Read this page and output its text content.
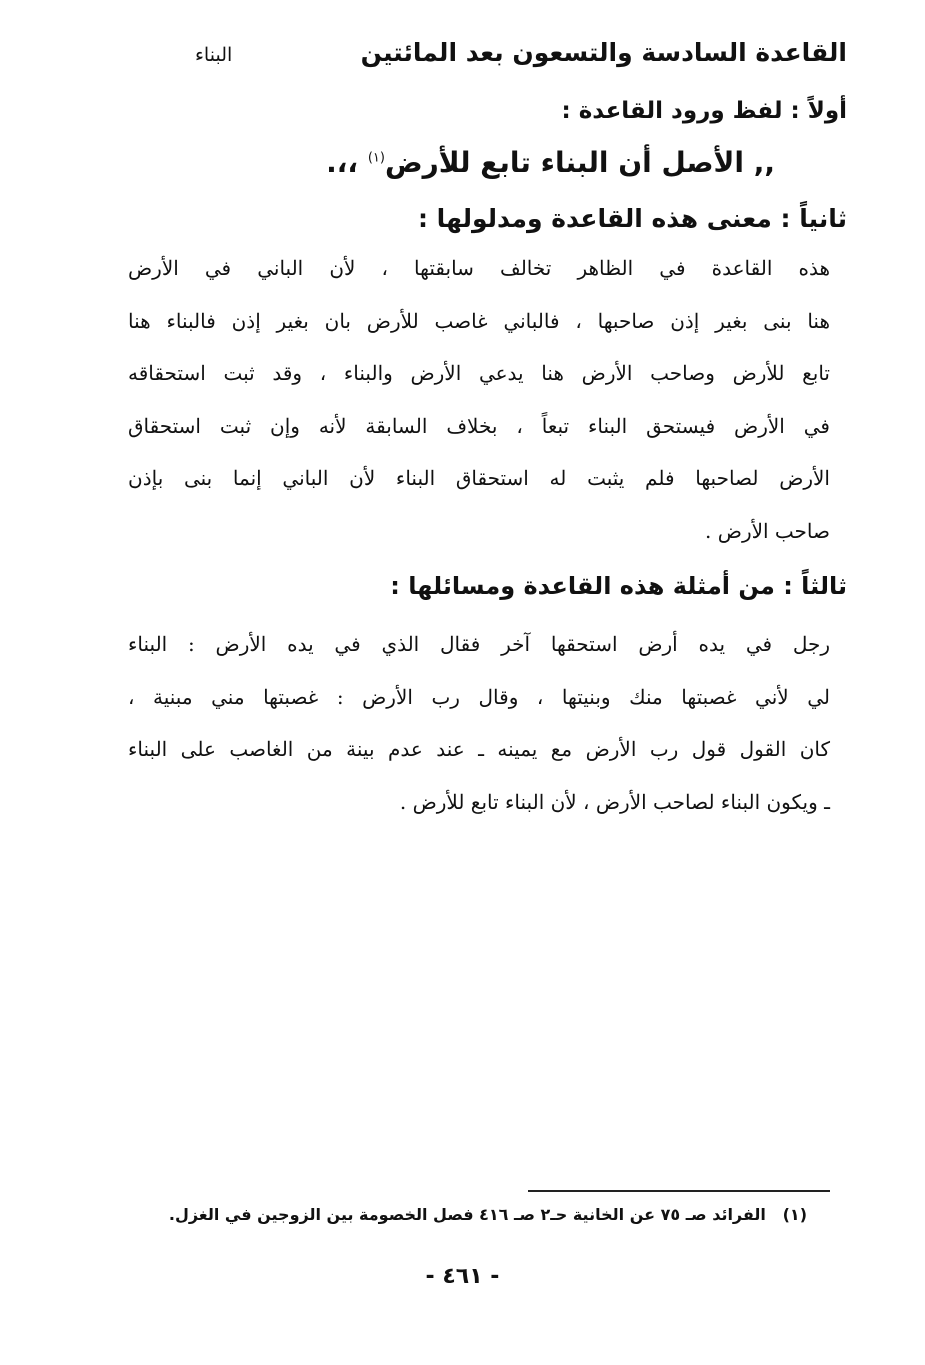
القاعدة السادسة والتسعون بعد المائتين
البناء
أولاً : لفظ ورود القاعدة :
,, الأصل أن البناء تابع للأرض$^{(١)}$ ،،.
ثانياً : معنى هذه القاعدة ومدلولها :
هذه القاعدة في الظاهر تخالف سابقتها ، لأن الباني في الأرض
هنا بنى بغير إذن صاحبها ، فالباني غاصب للأرض بان بغير إذن فالبناء هنا
تابع للأرض وصاحب الأرض هنا يدعي الأرض والبناء ، وقد ثبت استحقاقه
في الأرض فيستحق البناء تبعاً ، بخلاف السابقة لأنه وإن ثبت استحقاق
الأرض لصاحبها فلم يثبت له استحقاق البناء لأن الباني إنما بنى بإذن
صاحب الأرض .
ثالثاً : من أمثلة هذه القاعدة ومسائلها :
رجل في يده أرض استحقها آخر فقال الذي في يده الأرض : البناء
لي لأني غصبتها منك وبنيتها ، وقال رب الأرض : غصبتها مني مبنية ،
كان القول قول رب الأرض مع يمينه ـ عند عدم بينة من الغاصب على البناء
ـ ويكون البناء لصاحب الأرض ، لأن البناء تابع للأرض .
(١)   الفرائد صـ ٧٥ عن الخانية حـ٢ صـ ٤١٦ فصل الخصومة بين الزوجين في الغزل.
- ٤٦١ -
